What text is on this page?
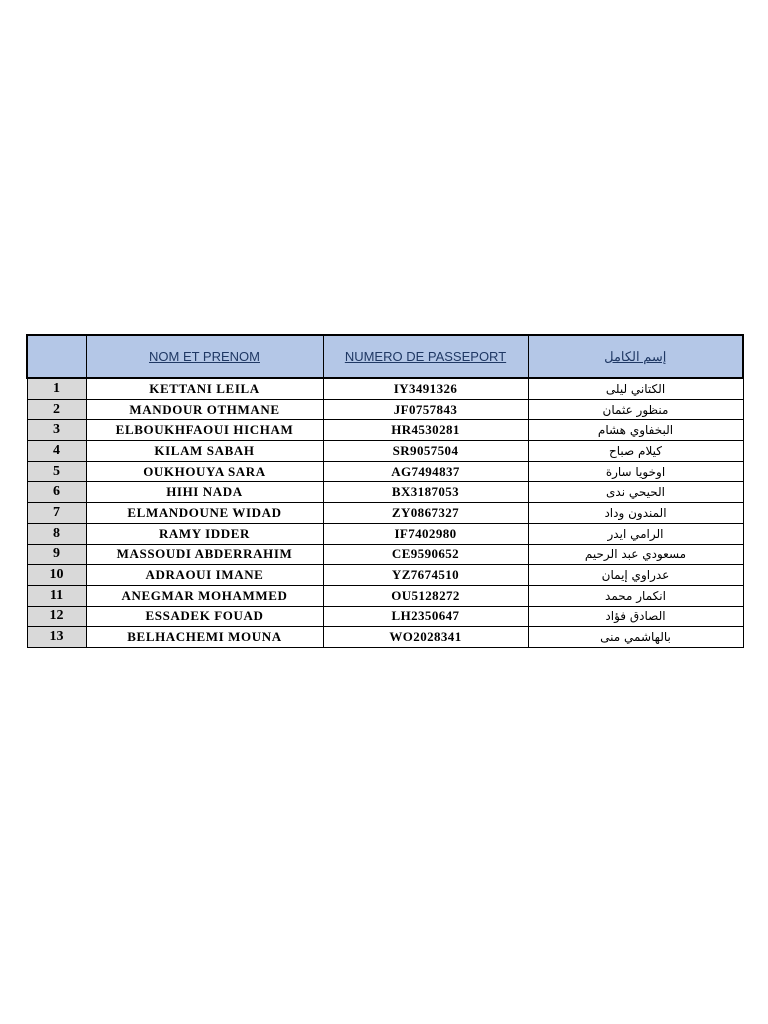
	NOM ET PRENOM	NUMERO DE PASSEPORT	إسم الكامل
1	KETTANI LEILA	IY3491326	الكتاني ليلى
2	MANDOUR OTHMANE	JF0757843	منظور عثمان
3	ELBOUKHFAOUI HICHAM	HR4530281	البخفاوي هشام
4	KILAM SABAH	SR9057504	كيلام صباح
5	OUKHOUYA SARA	AG7494837	اوخويا سارة
6	HIHI NADA	BX3187053	الحيحي ندى
7	ELMANDOUNE WIDAD	ZY0867327	المندون وداد
8	RAMY IDDER	IF7402980	الرامي ايدر
9	MASSOUDI ABDERRAHIM	CE9590652	مسعودي عبد الرحيم
10	ADRAOUI IMANE	YZ7674510	عدراوي إيمان
11	ANEGMAR MOHAMMED	OU5128272	انكمار محمد
12	ESSADEK FOUAD	LH2350647	الصادق فؤاد
13	BELHACHEMI MOUNA	WO2028341	بالهاشمي منى
